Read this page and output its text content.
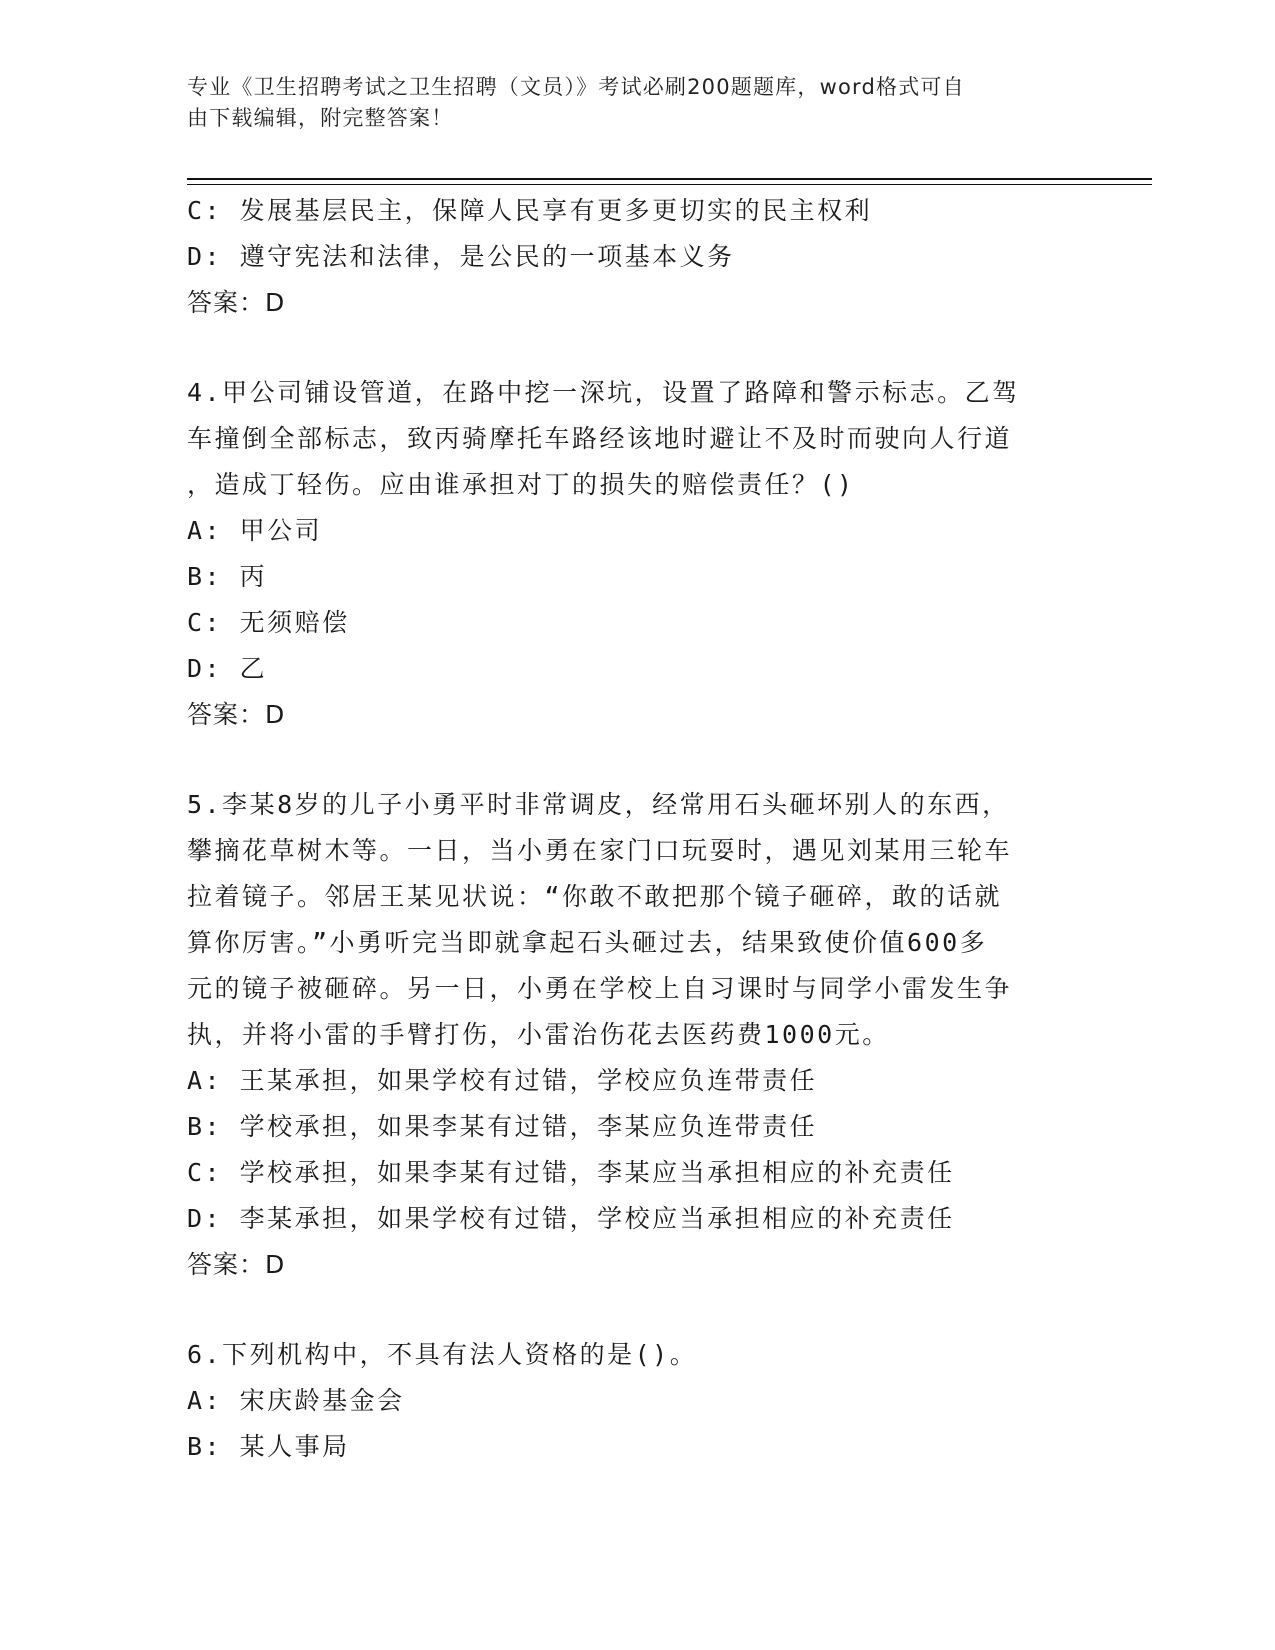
专业《卫生招聘考试之卫生招聘（文员）》考试必刷200题题库，word格式可自
由下载编辑，附完整答案！
C: 发展基层民主，保障人民享有更多更切实的民主权利
D: 遵守宪法和法律，是公民的一项基本义务
答案：D
4.甲公司铺设管道，在路中挖一深坑，设置了路障和警示标志。乙驾
车撞倒全部标志，致丙骑摩托车路经该地时避让不及时而驶向人行道
，造成丁轻伤。应由谁承担对丁的损失的赔偿责任？()
A: 甲公司
B: 丙
C: 无须赔偿
D: 乙
答案：D
5.李某8岁的儿子小勇平时非常调皮，经常用石头砸坏别人的东西，
攀摘花草树木等。一日，当小勇在家门口玩耍时，遇见刘某用三轮车
拉着镜子。邻居王某见状说：“你敢不敢把那个镜子砸碎，敢的话就
算你厉害。”小勇听完当即就拿起石头砸过去，结果致使价值600多
元的镜子被砸碎。另一日，小勇在学校上自习课时与同学小雷发生争
执，并将小雷的手臂打伤，小雷治伤花去医药费1000元。
A: 王某承担，如果学校有过错，学校应负连带责任
B: 学校承担，如果李某有过错，李某应负连带责任
C: 学校承担，如果李某有过错，李某应当承担相应的补充责任
D: 李某承担，如果学校有过错，学校应当承担相应的补充责任
答案：D
6.下列机构中，不具有法人资格的是()。
A: 宋庆龄基金会
B: 某人事局
